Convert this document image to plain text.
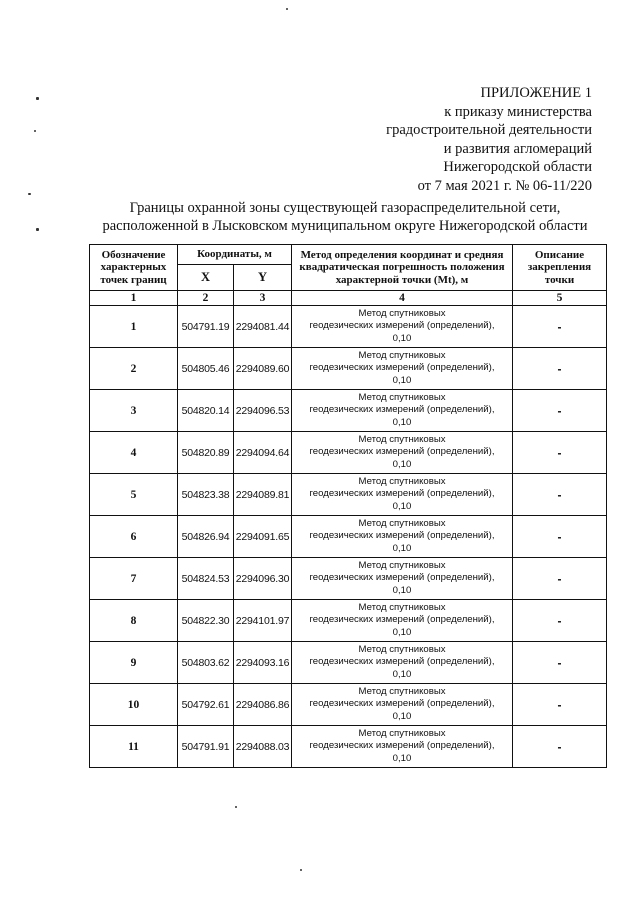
ПРИЛОЖЕНИЕ 1
к приказу министерства
градостроительной деятельности
и развития агломераций
Нижегородской области
от 7 мая 2021 г. № 06-11/220
Границы охранной зоны существующей газораспределительной сети,
расположенной в Лысковском муниципальном округе Нижегородской области
Обозначение характерных точек границ	Координаты, м		Метод определения координат и средняя квадратическая погрешность положения характерной точки (Mt), м	Описание закрепления точки
	X	Y		
1	2	3	4	5
1	504791.19	2294081.44	Метод спутниковых
геодезических измерений (определений),
0,10	-
2	504805.46	2294089.60	Метод спутниковых
геодезических измерений (определений),
0,10	-
3	504820.14	2294096.53	Метод спутниковых
геодезических измерений (определений),
0,10	-
4	504820.89	2294094.64	Метод спутниковых
геодезических измерений (определений),
0,10	-
5	504823.38	2294089.81	Метод спутниковых
геодезических измерений (определений),
0,10	-
6	504826.94	2294091.65	Метод спутниковых
геодезических измерений (определений),
0,10	-
7	504824.53	2294096.30	Метод спутниковых
геодезических измерений (определений),
0,10	-
8	504822.30	2294101.97	Метод спутниковых
геодезических измерений (определений),
0,10	-
9	504803.62	2294093.16	Метод спутниковых
геодезических измерений (определений),
0,10	-
10	504792.61	2294086.86	Метод спутниковых
геодезических измерений (определений),
0,10	-
11	504791.91	2294088.03	Метод спутниковых
геодезических измерений (определений),
0,10	-
